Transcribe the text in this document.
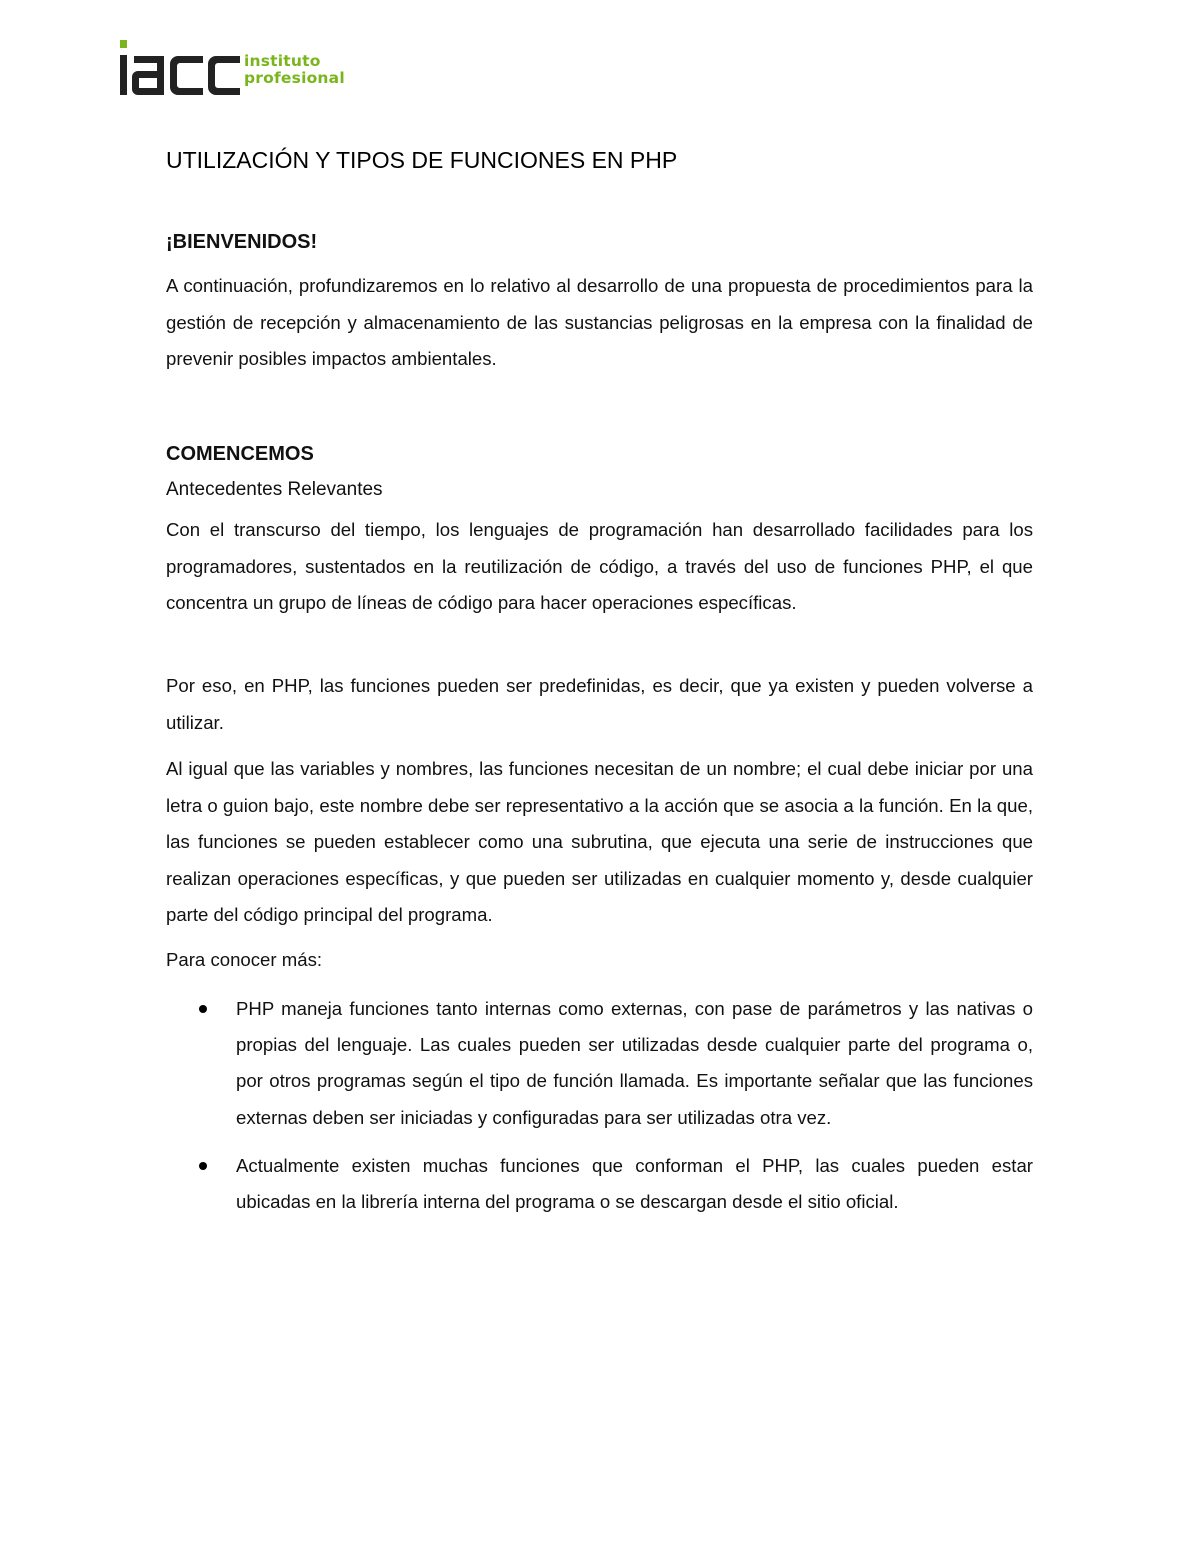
instituto
profesional
UTILIZACIÓN Y TIPOS DE FUNCIONES EN PHP
¡BIENVENIDOS!

A continuación, profundizaremos en lo relativo al desarrollo de una propuesta de procedimientos para la gestión de recepción y almacenamiento de las sustancias peligrosas en la empresa con la finalidad de prevenir posibles impactos ambientales.

COMENCEMOS
Antecedentes Relevantes

Con el transcurso del tiempo, los lenguajes de programación han desarrollado facilidades para los programadores, sustentados en la reutilización de código, a través del uso de funciones PHP, el que concentra un grupo de líneas de código para hacer operaciones específicas.

Por eso, en PHP, las funciones pueden ser predefinidas, es decir, que ya existen y pueden volverse a utilizar.

Al igual que las variables y nombres, las funciones necesitan de un nombre; el cual debe iniciar por una letra o guion bajo, este nombre debe ser representativo a la acción que se asocia a la función. En la que, las funciones se pueden establecer como una subrutina, que ejecuta una serie de instrucciones que realizan operaciones específicas, y que pueden ser utilizadas en cualquier momento y, desde cualquier parte del código principal del programa.

Para conocer más:

PHP maneja funciones tanto internas como externas, con pase de parámetros y las nativas o propias del lenguaje. Las cuales pueden ser utilizadas desde cualquier parte del programa o, por otros programas según el tipo de función llamada. Es importante señalar que las funciones externas deben ser iniciadas y configuradas para ser utilizadas otra vez.
Actualmente existen muchas funciones que conforman el PHP, las cuales pueden estar ubicadas en la librería interna del programa o se descargan desde el sitio oficial.
